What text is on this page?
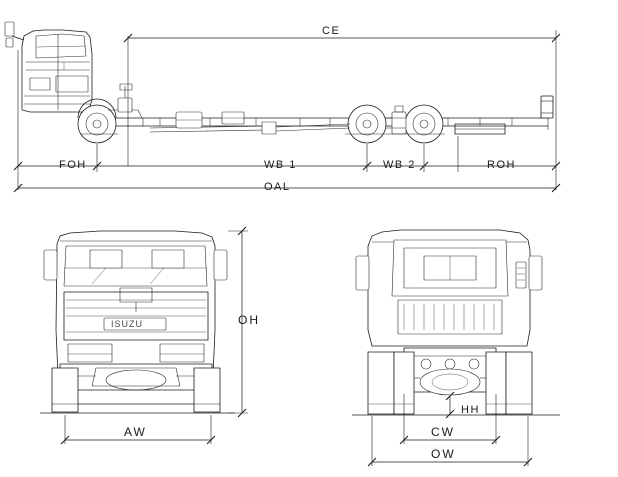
CE
FOH	WB 1	WB 2	ROH
OAL
OH
AW
HH
CW
OW
ISUZU
